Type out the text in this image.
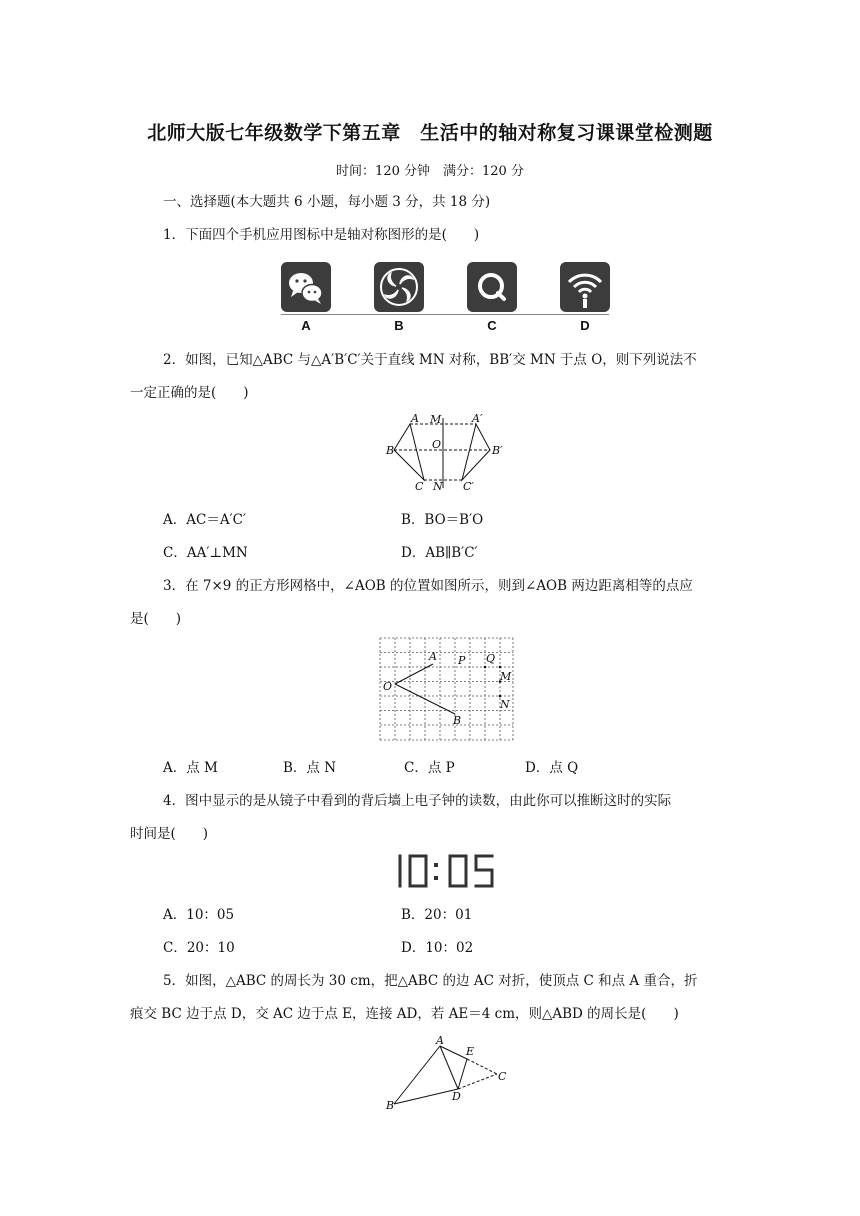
北师大版七年级数学下第五章　生活中的轴对称复习课课堂检测题
时间：120 分钟　满分：120 分
一、选择题(本大题共 6 小题，每小题 3 分，共 18 分)
1．下面四个手机应用图标中是轴对称图形的是(　　)
A	B	C	D
2．如图，已知△ABC 与△A′B′C′关于直线 MN 对称，BB′交 MN 于点 O，则下列说法不
一定正确的是(　　)
A M	A′
O
B	B′
C N C′
A．AC＝A′C′	B．BO＝B′O
C．AA′⊥MN	D．AB∥B′C′
3．在 7×9 的正方形网格中，∠AOB 的位置如图所示，则到∠AOB 两边距离相等的点应
是(　　)
A P Q
M
O
N
B
A．点 M	B．点 N	C．点 P	D．点 Q
4．图中显示的是从镜子中看到的背后墙上电子钟的读数，由此你可以推断这时的实际
时间是(　　)
A．10：05	B．20：01
C．20：10	D．10：02
5．如图，△ABC 的周长为 30 cm，把△ABC 的边 AC 对折，使顶点 C 和点 A 重合，折
痕交 BC 边于点 D，交 AC 边于点 E，连接 AD，若 AE＝4 cm，则△ABD 的周长是(　　)
A
E
C
D
B
